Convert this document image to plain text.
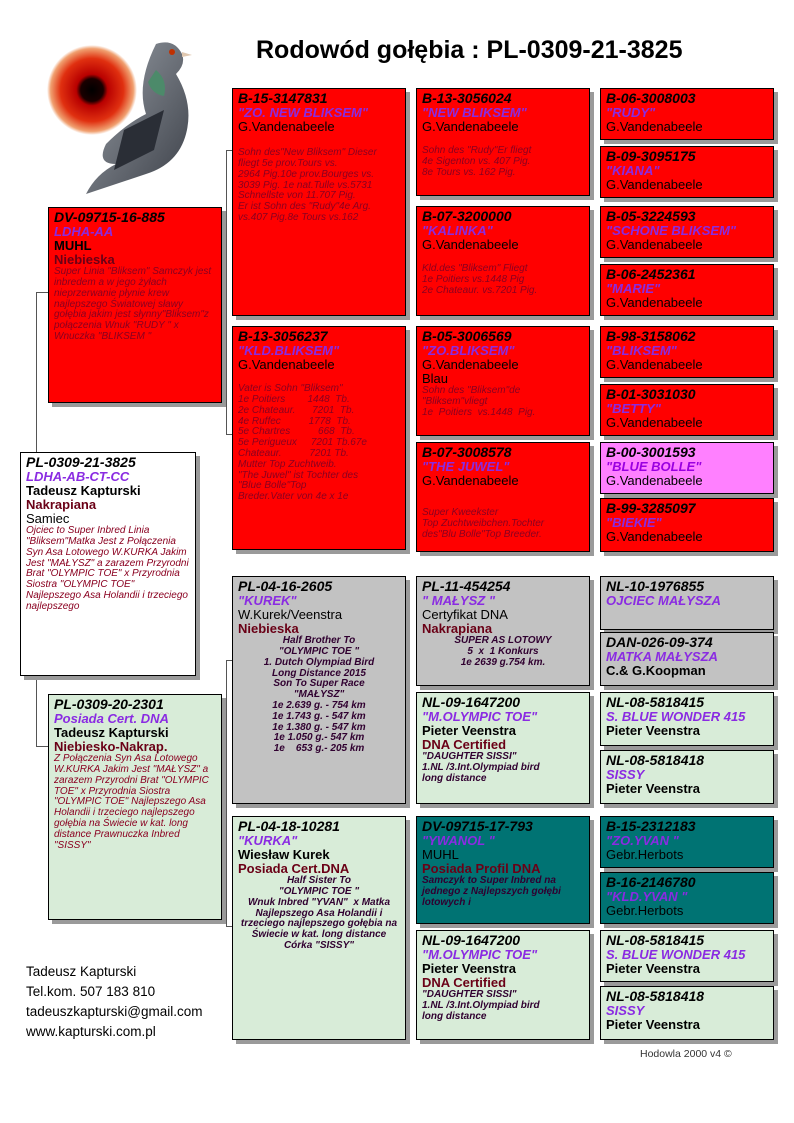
Rodowód gołębia : PL-0309-21-3825
PL-0309-21-3825
LDHA-AB-CT-CC
Tadeusz Kapturski
Nakrapiana
Samiec
Ojciec to Super Inbred Linia "Bliksem"Matka Jest z Połączenia Syn Asa Lotowego W.KURKA Jakim Jest "MAŁYSZ" a zarazem Przyrodni Brat "OLYMPIC TOE" x Przyrodnia Siostra "OLYMPIC TOE" Najlepszego Asa Holandii i trzeciego najlepszego
DV-09715-16-885
LDHA-AA
MUHL
Niebieska
Super Linia "Bliksem" Samczyk jest inbredem a w jego żyłach nieprzerwanie płynie krew najlepszego Światowej sławy gołębia jakim jest słynny"Bliksem"z połączenia Wnuk "RUDY " x Wnuczka "BLIKSEM "
PL-0309-20-2301
Posiada Cert. DNA
Tadeusz Kapturski
Niebiesko-Nakrap.
Z Połączenia Syn Asa Lotowego W.KURKA Jakim Jest "MAŁYSZ" a zarazem Przyrodni Brat "OLYMPIC TOE" x Przyrodnia Siostra "OLYMPIC TOE" Najlepszego Asa Holandii i trzeciego najlepszego gołębia na Świecie w kat. long distance Prawnuczka Inbred "SISSY"
B-15-3147831
"ZO. NEW BLIKSEM"
G.Vandenabeele
Sohn des"New Bliksem" Dieser fliegt 5e prov.Tours vs.
2964 Pig.10e prov.Bourges vs.
3039 Pig. 1e nat.Tulle vs.5731
Schnellste von 11.707 Pig.
Er ist Sohn des "Rudy"4e Arg.
vs.407 Pig.8e Tours vs.162
B-13-3056237
"KLD.BLIKSEM"
G.Vandenabeele
Vater is Sohn "Bliksem"
1e Poitiers        1448  Tb.
2e Chateaur.      7201  Tb.
4e Ruffec          1778  Tb.
5e Chartres          668  Tb.
5e Perigueux     7201 Tb.67e
Chateaur.          7201 Tb.
Mutter Top Zuchtweib.
"The Juwel" ist Tochter des
"Blue Bolle"Top
Breder.Vater von 4e x 1e
PL-04-16-2605
"KUREK"
W.Kurek/Veenstra
Niebieska
Half Brother To
"OLYMPIC TOE "
1. Dutch Olympiad Bird
Long Distance 2015
Son To Super Race
"MAŁYSZ"
1e 2.639 g. - 754 km
1e 1.743 g. - 547 km
1e 1.380 g. - 547 km
1e 1.050 g.- 547 km
1e    653 g.- 205 km
PL-04-18-10281
"KURKA"
Wiesław Kurek
Posiada Cert.DNA
Half Sister To
"OLYMPIC TOE "
Wnuk Inbred "YVAN"  x Matka Najlepszego Asa Holandii i trzeciego najlepszego gołębia na Świecie w kat. long distance
Córka "SISSY"
B-13-3056024
"NEW BLIKSEM"
G.Vandenabeele
Sohn des "Rudy"Er fliegt
4e Sigenton vs. 407 Pig.
8e Tours vs. 162 Pig.
B-07-3200000
"KALINKA"
G.Vandenabeele
Kld.des "Bliksem" Fliegt
1e Poitiers vs.1448 Pig
2e Chateaur. vs.7201 Pig.
B-05-3006569
"ZO.BLIKSEM"
G.Vandenabeele
Blau
Sohn des "Bliksem"de
"Bliksem"vliegt
1e  Poitiers  vs.1448  Pig.
B-07-3008578
"THE JUWEL"
G.Vandenabeele
Super Kweekster
Top Zuchtweibchen.Tochter
des"Blu Bolle"Top Breeder.
PL-11-454254
" MAŁYSZ "
Certyfikat DNA
Nakrapiana
SUPER AS LOTOWY
5  x  1 Konkurs
1e 2639 g.754 km.
NL-09-1647200
"M.OLYMPIC TOE"
Pieter Veenstra
DNA Certified
"DAUGHTER SISSI"
1.NL /3.Int.Olympiad bird
long distance
DV-09715-17-793
"YWANOL "
MUHL
Posiada Profil DNA
Samczyk to Super Inbred na jednego z Najlepszych gołębi lotowych i
NL-09-1647200
"M.OLYMPIC TOE"
Pieter Veenstra
DNA Certified
"DAUGHTER SISSI"
1.NL /3.Int.Olympiad bird
long distance
B-06-3008003
"RUDY"
G.Vandenabeele
B-09-3095175
"KIANA"
G.Vandenabeele
B-05-3224593
"SCHONE BLIKSEM"
G.Vandenabeele
B-06-2452361
"MARIE"
G.Vandenabeele
B-98-3158062
"BLIKSEM"
G.Vandenabeele
B-01-3031030
"BETTY"
G.Vandenabeele
B-00-3001593
"BLUE BOLLE"
G.Vandenabeele
B-99-3285097
"BIEKIE"
G.Vandenabeele
NL-10-1976855
OJCIEC MAŁYSZA
DAN-026-09-374
MATKA MAŁYSZA
C.& G.Koopman
NL-08-5818415
S. BLUE WONDER 415
Pieter Veenstra
NL-08-5818418
SISSY
Pieter Veenstra
B-15-2312183
"ZO.YVAN "
Gebr.Herbots
B-16-2146780
"KLD.YVAN "
Gebr.Herbots
NL-08-5818415
S. BLUE WONDER 415
Pieter Veenstra
NL-08-5818418
SISSY
Pieter Veenstra
Tadeusz Kapturski
Tel.kom. 507 183 810
tadeuszkapturski@gmail.com
www.kapturski.com.pl
Hodowla 2000 v4 ©
